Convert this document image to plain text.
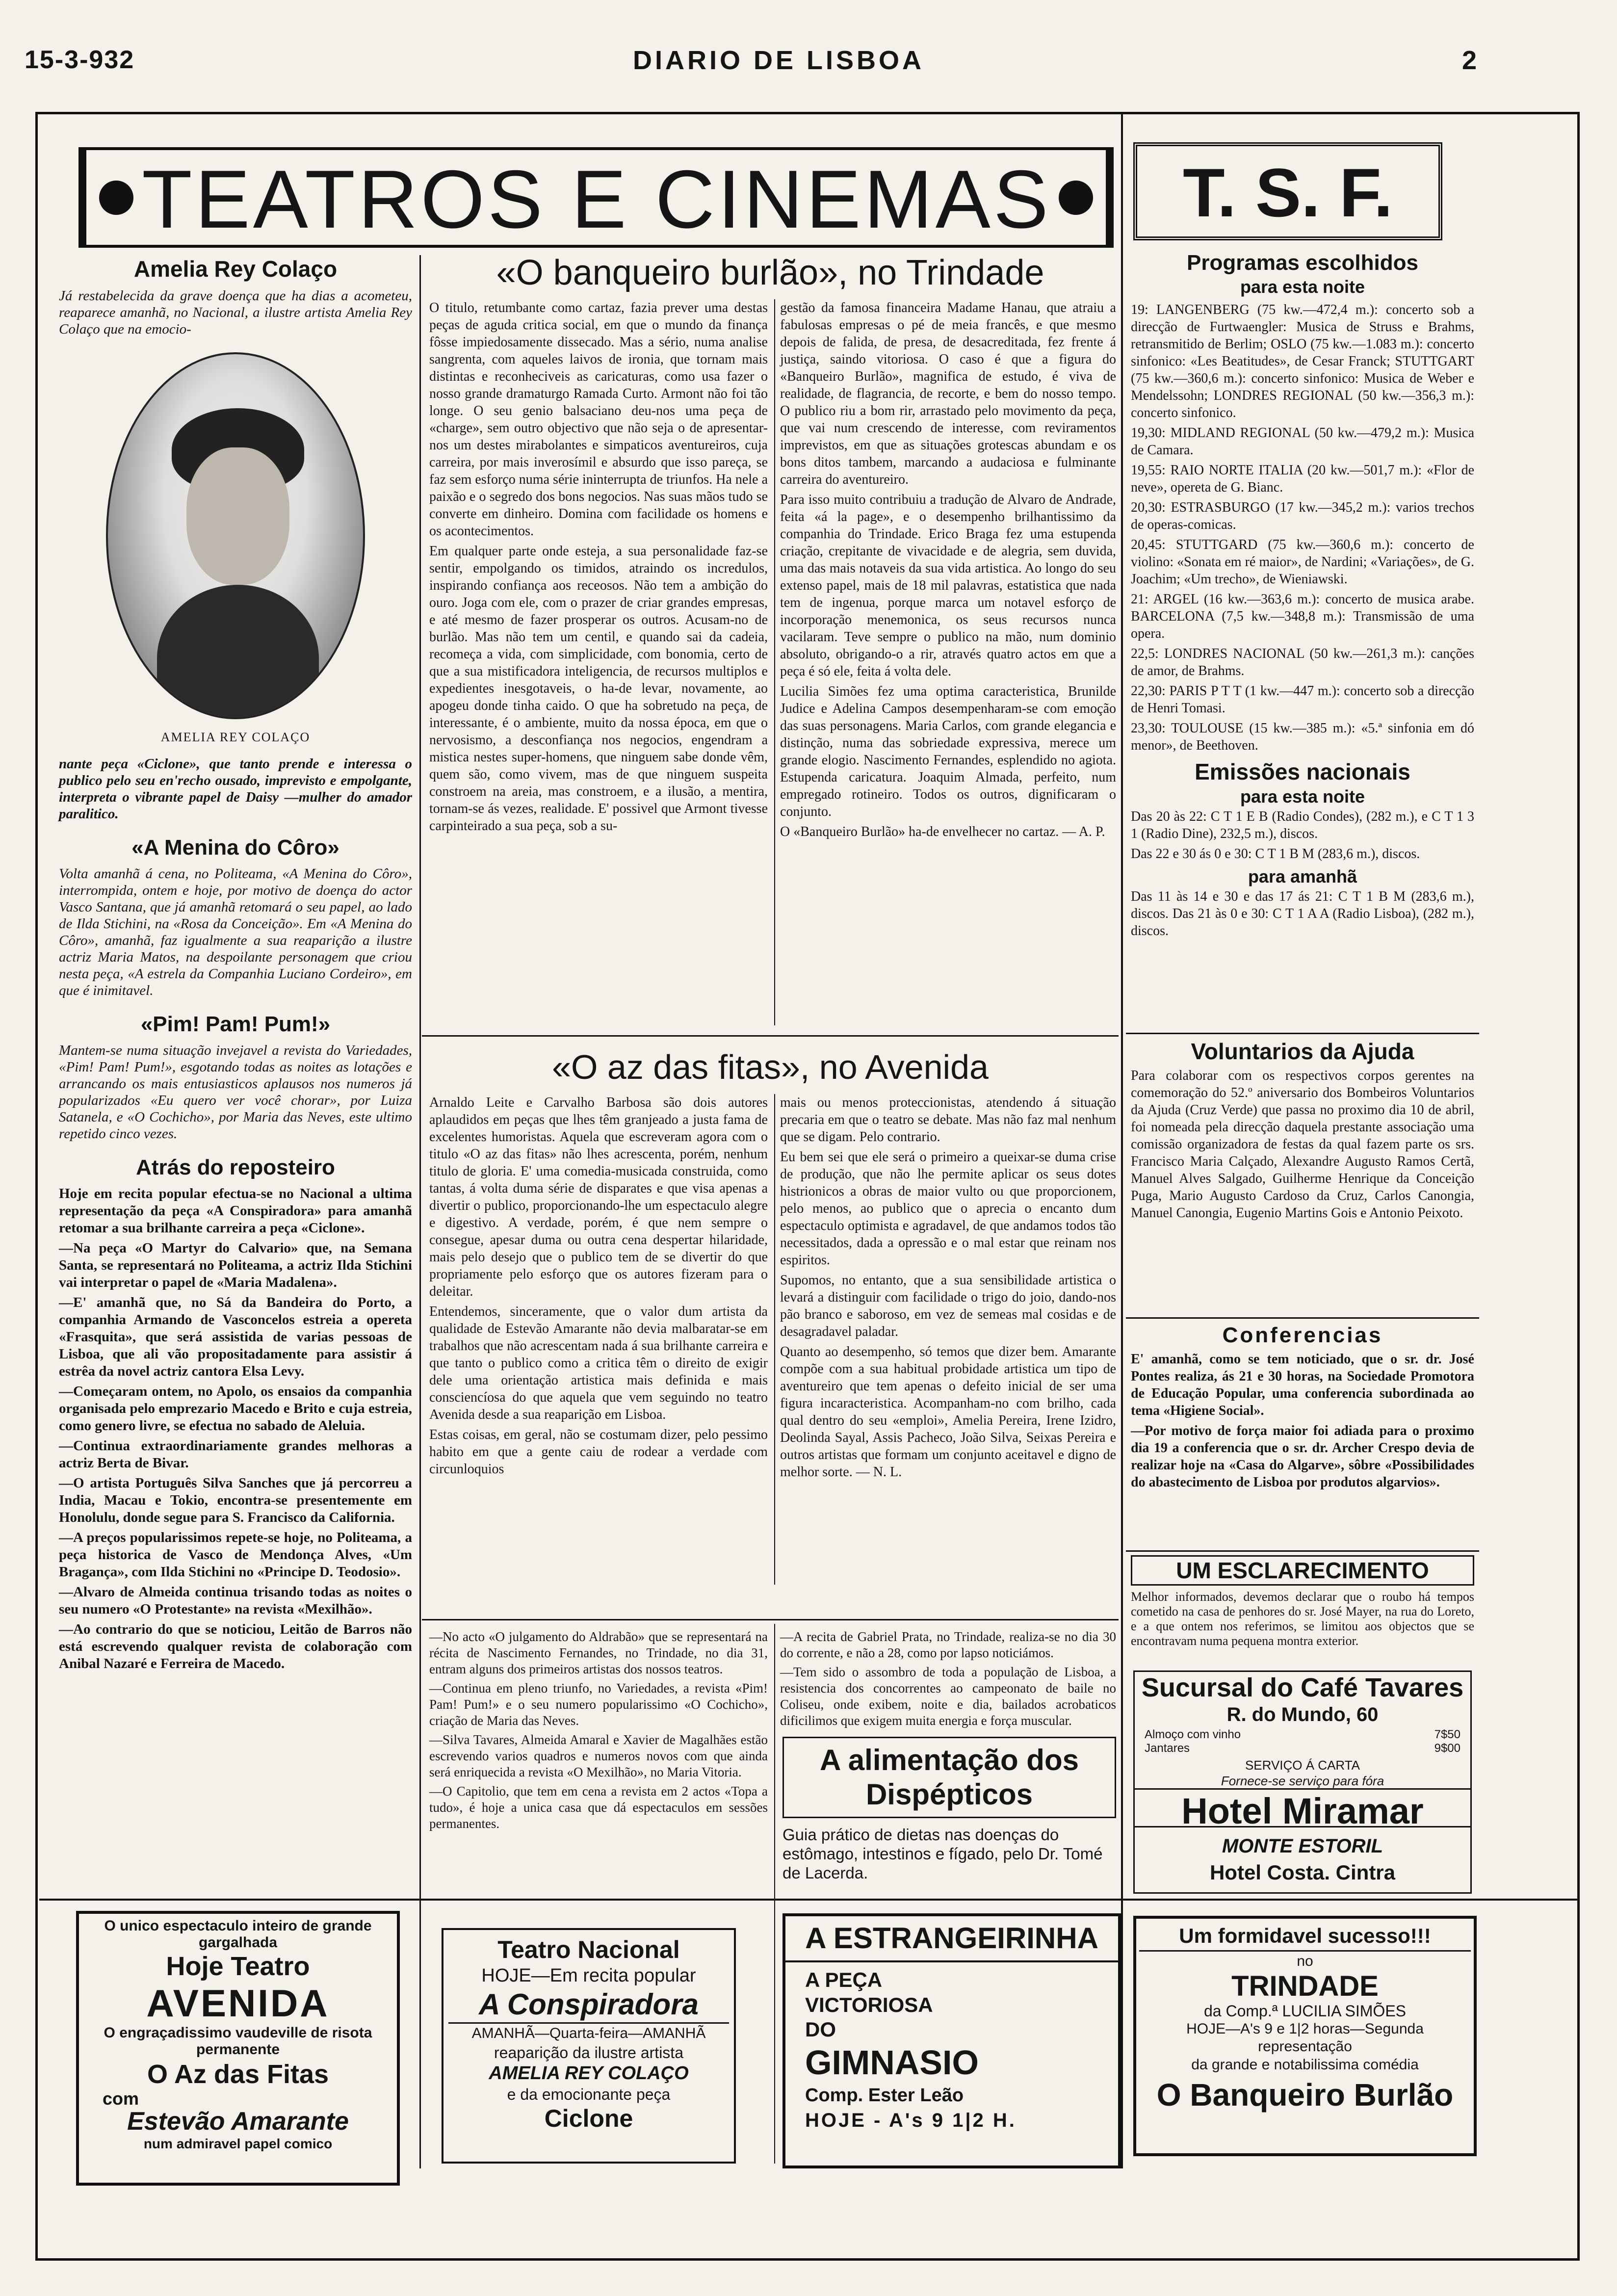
15-3-932	DIARIO DE LISBOA	2
TEATROS E CINEMAS	T. S. F.
Amelia Rey Colaço
Já restabelecida da grave doença que ha dias a acometeu, reaparece amanhã, no Nacional, a ilustre artista Amelia Rey Colaço que na emocio-
AMELIA REY COLAÇO
nante peça «Ciclone», que tanto prende e interessa o publico pelo seu en'recho ousado, imprevisto e empolgante, interpreta o vibrante papel de Daisy —mulher do amador paralitico.
«A Menina do Côro»
Volta amanhã á cena, no Politeama, «A Menina do Côro», interrompida, ontem e hoje, por motivo de doença do actor Vasco Santana, que já amanhã retomará o seu papel, ao lado de Ilda Stichini, na «Rosa da Conceição». Em «A Menina do Côro», amanhã, faz igualmente a sua reaparição a ilustre actriz Maria Matos, na despoilante personagem que criou nesta peça, «A estrela da Companhia Luciano Cordeiro», em que é inimitavel.
«Pim! Pam! Pum!»
Mantem-se numa situação invejavel a revista do Variedades, «Pim! Pam! Pum!», esgotando todas as noites as lotações e arrancando os mais entusiasticos aplausos nos numeros já popularizados «Eu quero ver você chorar», por Luiza Satanela, e «O Cochicho», por Maria das Neves, este ultimo repetido cinco vezes.
Atrás do reposteiro

Hoje em recita popular efectua-se no Nacional a ultima representação da peça «A Conspiradora» para amanhã retomar a sua brilhante carreira a peça «Ciclone».

—Na peça «O Martyr do Calvario» que, na Semana Santa, se representará no Politeama, a actriz Ilda Stichini vai interpretar o papel de «Maria Madalena».

—E' amanhã que, no Sá da Bandeira do Porto, a companhia Armando de Vasconcelos estreia a opereta «Frasquita», que será assistida de varias pessoas de Lisboa, que ali vão propositadamente para assistir á estrêa da novel actriz cantora Elsa Levy.

—Começaram ontem, no Apolo, os ensaios da companhia organisada pelo emprezario Macedo e Brito e cuja estreia, como genero livre, se efectua no sabado de Aleluia.

—Continua extraordinariamente grandes melhoras a actriz Berta de Bivar.

—O artista Português Silva Sanches que já percorreu a India, Macau e Tokio, encontra-se presentemente em Honolulu, donde segue para S. Francisco da California.

—A preços popularissimos repete-se hoje, no Politeama, a peça historica de Vasco de Mendonça Alves, «Um Bragança», com Ilda Stichini no «Principe D. Teodosio».

—Alvaro de Almeida continua trisando todas as noites o seu numero «O Protestante» na revista «Mexilhão».

—Ao contrario do que se noticiou, Leitão de Barros não está escrevendo qualquer revista de colaboração com Anibal Nazaré e Ferreira de Macedo.

«O banqueiro burlão», no Trindade

O titulo, retumbante como cartaz, fazia prever uma destas peças de aguda critica social, em que o mundo da finança fôsse impiedosamente dissecado. Mas a sério, numa analise sangrenta, com aqueles laivos de ironia, que tornam mais distintas e reconheciveis as caricaturas, como usa fazer o nosso grande dramaturgo Ramada Curto. Armont não foi tão longe. O seu genio balsaciano deu-nos uma peça de «charge», sem outro objectivo que não seja o de apresentar-nos um destes mirabolantes e simpaticos aventureiros, cuja carreira, por mais inverosímil e absurdo que isso pareça, se faz sem esforço numa série ininterrupta de triunfos. Ha nele a paixão e o segredo dos bons negocios. Nas suas mãos tudo se converte em dinheiro. Domina com facilidade os homens e os acontecimentos.

Em qualquer parte onde esteja, a sua personalidade faz-se sentir, empolgando os timidos, atraindo os incredulos, inspirando confiança aos receosos. Não tem a ambição do ouro. Joga com ele, com o prazer de criar grandes empresas, e até mesmo de fazer prosperar os outros. Acusam-no de burlão. Mas não tem um centil, e quando sai da cadeia, recomeça a vida, com simplicidade, com bonomia, certo de que a sua mistificadora inteligencia, de recursos multiplos e expedientes inesgotaveis, o ha-de levar, novamente, ao apogeu donde tinha caido. O que ha sobretudo na peça, de interessante, é o ambiente, muito da nossa época, em que o nervosismo, a desconfiança nos negocios, engendram a mistica nestes super-homens, que ninguem sabe donde vêm, quem são, como vivem, mas de que ninguem suspeita constroem na areia, mas constroem, e a ilusão, a mentira, tornam-se ás vezes, realidade. E' possivel que Armont tivesse carpinteirado a sua peça, sob a su-

gestão da famosa financeira Madame Hanau, que atraiu a fabulosas empresas o pé de meia francês, e que mesmo depois de falida, de presa, de desacreditada, fez frente á justiça, saindo vitoriosa. O caso é que a figura do «Banqueiro Burlão», magnifica de estudo, é viva de realidade, de flagrancia, de recorte, e bem do nosso tempo. O publico riu a bom rir, arrastado pelo movimento da peça, que vai num crescendo de interesse, com reviramentos imprevistos, em que as situações grotescas abundam e os bons ditos tambem, marcando a audaciosa e fulminante carreira do aventureiro.

Para isso muito contribuiu a tradução de Alvaro de Andrade, feita «á la page», e o desempenho brilhantissimo da companhia do Trindade. Erico Braga fez uma estupenda criação, crepitante de vivacidade e de alegria, sem duvida, uma das mais notaveis da sua vida artistica. Ao longo do seu extenso papel, mais de 18 mil palavras, estatistica que nada tem de ingenua, porque marca um notavel esforço de incorporação menemonica, os seus recursos nunca vacilaram. Teve sempre o publico na mão, num dominio absoluto, obrigando-o a rir, através quatro actos em que a peça é só ele, feita á volta dele.

Lucilia Simões fez uma optima caracteristica, Brunilde Judice e Adelina Campos desempenharam-se com emoção das suas personagens. Maria Carlos, com grande elegancia e distinção, numa das sobriedade expressiva, merece um grande elogio. Nascimento Fernandes, esplendido no agiota. Estupenda caricatura. Joaquim Almada, perfeito, num empregado rotineiro. Todos os outros, dignificaram o conjunto.

O «Banqueiro Burlão» ha-de envelhecer no cartaz. — A. P.

«O az das fitas», no Avenida

Arnaldo Leite e Carvalho Barbosa são dois autores aplaudidos em peças que lhes têm granjeado a justa fama de excelentes humoristas. Aquela que escreveram agora com o titulo «O az das fitas» não lhes acrescenta, porém, nenhum titulo de gloria. E' uma comedia-musicada construida, como tantas, á volta duma série de disparates e que visa apenas a divertir o publico, proporcionando-lhe um espectaculo alegre e digestivo. A verdade, porém, é que nem sempre o consegue, apesar duma ou outra cena despertar hilaridade, mais pelo desejo que o publico tem de se divertir do que propriamente pelo esforço que os autores fizeram para o deleitar.

Entendemos, sinceramente, que o valor dum artista da qualidade de Estevão Amarante não devia malbaratar-se em trabalhos que não acrescentam nada á sua brilhante carreira e que tanto o publico como a critica têm o direito de exigir dele uma orientação artistica mais definida e mais consciencíosa do que aquela que vem seguindo no teatro Avenida desde a sua reaparição em Lisboa.

Estas coisas, em geral, não se costumam dizer, pelo pessimo habito em que a gente caiu de rodear a verdade com circunloquios

mais ou menos proteccionistas, atendendo á situação precaria em que o teatro se debate. Mas não faz mal nenhum que se digam. Pelo contrario.

Eu bem sei que ele será o primeiro a queixar-se duma crise de produção, que não lhe permite aplicar os seus dotes histrionicos a obras de maior vulto ou que proporcionem, pelo menos, ao publico que o aprecia o encanto dum espectaculo optimista e agradavel, de que andamos todos tão necessitados, dada a opressão e o mal estar que reinam nos espiritos.

Supomos, no entanto, que a sua sensibilidade artistica o levará a distinguir com facilidade o trigo do joio, dando-nos pão branco e saboroso, em vez de semeas mal cosidas e de desagradavel paladar.

Quanto ao desempenho, só temos que dizer bem. Amarante compõe com a sua habitual probidade artistica um tipo de aventureiro que tem apenas o defeito inicial de ser uma figura incaracteristica. Acompanham-no com brilho, cada qual dentro do seu «emploi», Amelia Pereira, Irene Izidro, Deolinda Sayal, Assis Pacheco, João Silva, Seixas Pereira e outros artistas que formam um conjunto aceitavel e digno de melhor sorte. — N. L.

—No acto «O julgamento do Aldrabão» que se representará na récita de Nascimento Fernandes, no Trindade, no dia 31, entram alguns dos primeiros artistas dos nossos teatros.

—Continua em pleno triunfo, no Variedades, a revista «Pim! Pam! Pum!» e o seu numero popularissimo «O Cochicho», criação de Maria das Neves.

—Silva Tavares, Almeida Amaral e Xavier de Magalhães estão escrevendo varios quadros e numeros novos com que ainda será enriquecida a revista «O Mexilhão», no Maria Vitoria.

—O Capitolio, que tem em cena a revista em 2 actos «Topa a tudo», é hoje a unica casa que dá espectaculos em sessões permanentes.

—A recita de Gabriel Prata, no Trindade, realiza-se no dia 30 do corrente, e não a 28, como por lapso noticiámos.

—Tem sido o assombro de toda a população de Lisboa, a resistencia dos concorrentes ao campeonato de baile no Coliseu, onde exibem, noite e dia, bailados acrobaticos dificilimos que exigem muita energia e força muscular.

A alimentação dos Dispépticos
Guia prático de dietas nas doenças do estômago, intestinos e fígado, pelo Dr. Tomé de Lacerda.
Programas escolhidos
para esta noite

19: LANGENBERG (75 kw.—472,4 m.): concerto sob a direcção de Furtwaengler: Musica de Struss e Brahms, retransmitido de Berlim; OSLO (75 kw.—1.083 m.): concerto sinfonico: «Les Beatitudes», de Cesar Franck; STUTTGART (75 kw.—360,6 m.): concerto sinfonico: Musica de Weber e Mendelssohn; LONDRES REGIONAL (50 kw.—356,3 m.): concerto sinfonico.

19,30: MIDLAND REGIONAL (50 kw.—479,2 m.): Musica de Camara.

19,55: RAIO NORTE ITALIA (20 kw.—501,7 m.): «Flor de neve», opereta de G. Bianc.

20,30: ESTRASBURGO (17 kw.—345,2 m.): varios trechos de operas-comicas.

20,45: STUTTGARD (75 kw.—360,6 m.): concerto de violino: «Sonata em ré maior», de Nardini; «Variações», de G. Joachim; «Um trecho», de Wieniawski.

21: ARGEL (16 kw.—363,6 m.): concerto de musica arabe. BARCELONA (7,5 kw.—348,8 m.): Transmissão de uma opera.

22,5: LONDRES NACIONAL (50 kw.—261,3 m.): canções de amor, de Brahms.

22,30: PARIS P T T (1 kw.—447 m.): concerto sob a direcção de Henri Tomasi.

23,30: TOULOUSE (15 kw.—385 m.): «5.ª sinfonia em dó menor», de Beethoven.

Emissões nacionais
para esta noite

Das 20 às 22: C T 1 E B (Radio Condes), (282 m.), e C T 1 3 1 (Radio Dine), 232,5 m.), discos.

Das 22 e 30 ás 0 e 30: C T 1 B M (283,6 m.), discos.

para amanhã
Das 11 às 14 e 30 e das 17 ás 21: C T 1 B M (283,6 m.), discos. Das 21 às 0 e 30: C T 1 A A (Radio Lisboa), (282 m.), discos.
Voluntarios da Ajuda
Para colaborar com os respectivos corpos gerentes na comemoração do 52.º aniversario dos Bombeiros Voluntarios da Ajuda (Cruz Verde) que passa no proximo dia 10 de abril, foi nomeada pela direcção daquela prestante associação uma comissão organizadora de festas da qual fazem parte os srs. Francisco Maria Calçado, Alexandre Augusto Ramos Certã, Manuel Alves Salgado, Guilherme Henrique da Conceição Puga, Mario Augusto Cardoso da Cruz, Carlos Canongia, Manuel Canongia, Eugenio Martins Gois e Antonio Peixoto.
Conferencias

E' amanhã, como se tem noticiado, que o sr. dr. José Pontes realiza, ás 21 e 30 horas, na Sociedade Promotora de Educação Popular, uma conferencia subordinada ao tema «Higiene Social».

—Por motivo de força maior foi adiada para o proximo dia 19 a conferencia que o sr. dr. Archer Crespo devia de realizar hoje na «Casa do Algarve», sôbre «Possibilidades do abastecimento de Lisboa por produtos algarvios».

UM ESCLARECIMENTO
Melhor informados, devemos declarar que o roubo há tempos cometido na casa de penhores do sr. José Mayer, na rua do Loreto, e a que ontem nos referimos, se limitou aos objectos que se encontravam numa pequena montra exterior.
Sucursal do Café Tavares
R. do Mundo, 60
Almoço com vinho	7$50
Jantares	9$00
SERVIÇO Á CARTA
Fornece-se serviço para fóra
Hotel Miramar
MONTE ESTORIL
Hotel Costa. Cintra
O unico espectaculo inteiro de grande gargalhada
Hoje Teatro
AVENIDA
O engraçadissimo vaudeville de risota permanente
O Az das Fitas
com
Estevão Amarante
num admiravel papel comico
Teatro Nacional
HOJE—Em recita popular
A Conspiradora
AMANHÃ—Quarta-feira—AMANHÃ
reaparição da ilustre artista
AMELIA REY COLAÇO
e da emocionante peça
Ciclone
A ESTRANGEIRINHA
A PEÇA
VICTORIOSA
DO
GIMNASIO
Comp. Ester Leão
HOJE - A's 9 1|2 H.
Um formidavel sucesso!!!
no
TRINDADE
da Comp.ª LUCILIA SIMÕES
HOJE—A's 9 e 1|2 horas—Segunda
representação
da grande e notabilissima comédia
O Banqueiro Burlão
